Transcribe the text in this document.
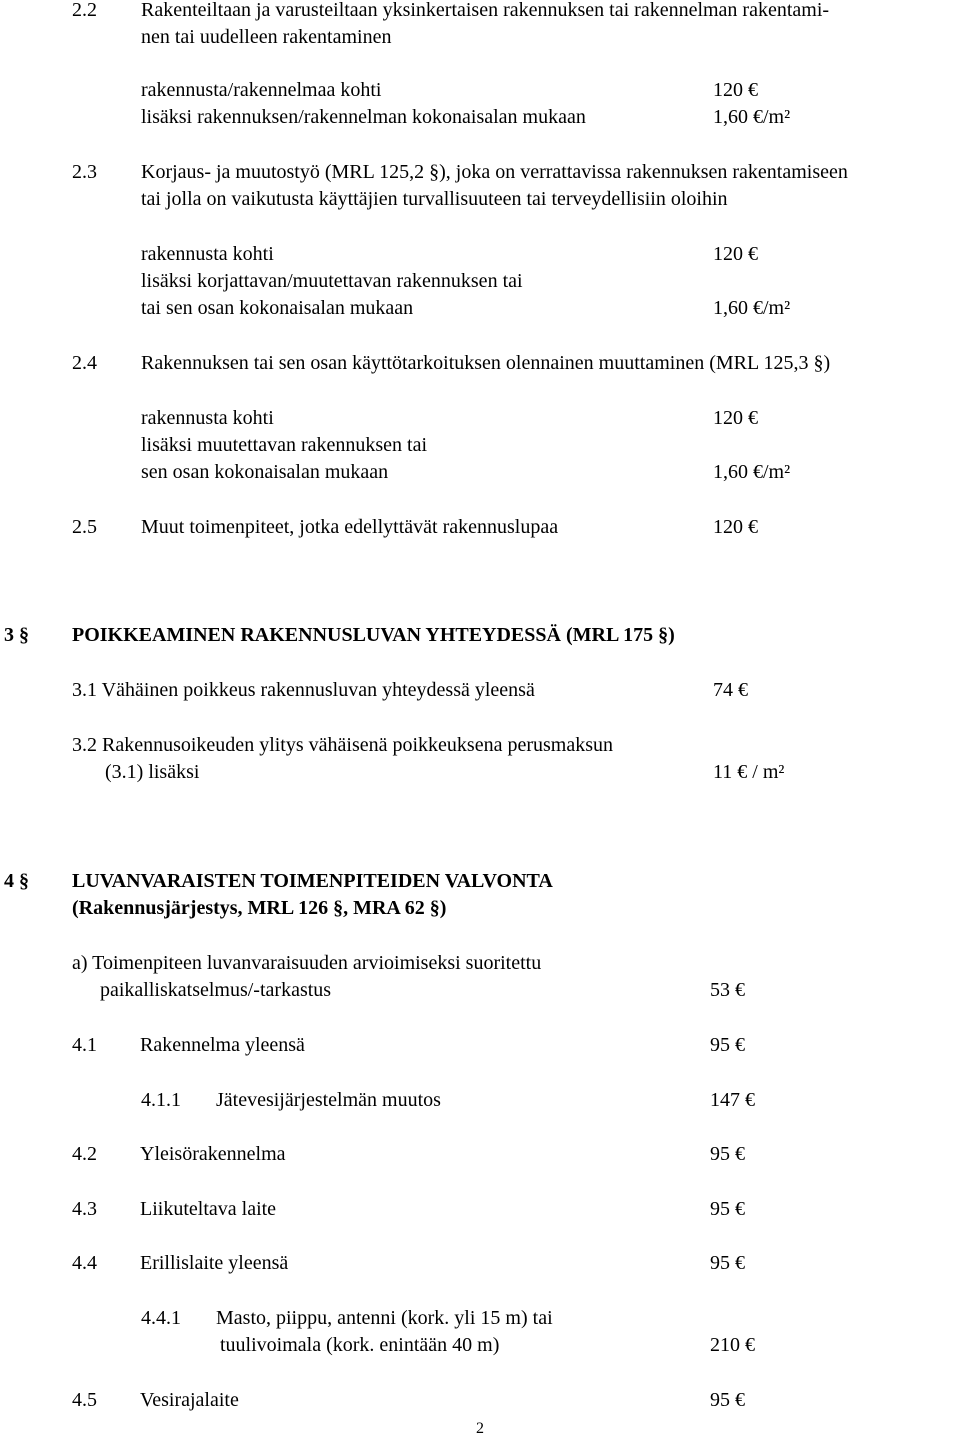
2.2 Rakenteiltaan ja varusteiltaan yksinkertaisen rakennuksen tai rakennelman rakentami-
nen tai uudelleen rakentaminen
rakennusta/rakennelmaa kohti	120 €
lisäksi rakennuksen/rakennelman kokonaisalan mukaan	1,60 €/m²
2.3 Korjaus- ja muutostyö (MRL 125,2 §), joka on verrattavissa rakennuksen rakentamiseen
tai jolla on vaikutusta käyttäjien turvallisuuteen tai terveydellisiin oloihin
rakennusta kohti	120 €
lisäksi korjattavan/muutettavan rakennuksen tai
tai sen osan kokonaisalan mukaan	1,60 €/m²
2.4 Rakennuksen tai sen osan käyttötarkoituksen olennainen muuttaminen (MRL 125,3 §)
rakennusta kohti	120 €
lisäksi muutettavan rakennuksen tai
sen osan kokonaisalan mukaan	1,60 €/m²
2.5 Muut toimenpiteet, jotka edellyttävät rakennuslupaa	120 €
3 § POIKKEAMINEN RAKENNUSLUVAN YHTEYDESSÄ (MRL 175 §)
3.1 Vähäinen poikkeus rakennusluvan yhteydessä yleensä	74 €
3.2 Rakennusoikeuden ylitys vähäisenä poikkeuksena perusmaksun
(3.1) lisäksi	11 € / m²
4 § LUVANVARAISTEN TOIMENPITEIDEN VALVONTA
(Rakennusjärjestys, MRL 126 §, MRA 62 §)
a) Toimenpiteen luvanvaraisuuden arvioimiseksi suoritettu
paikalliskatselmus/-tarkastus	53 €
4.1 Rakennelma yleensä	95 €
4.1.1 Jätevesijärjestelmän muutos	147 €
4.2 Yleisörakennelma	95 €
4.3 Liikuteltava laite	95 €
4.4 Erillislaite yleensä	95 €
4.4.1 Masto, piippu, antenni (kork. yli 15 m) tai
tuulivoimala (kork. enintään 40 m)	210 €
4.5 Vesirajalaite	95 €
2
